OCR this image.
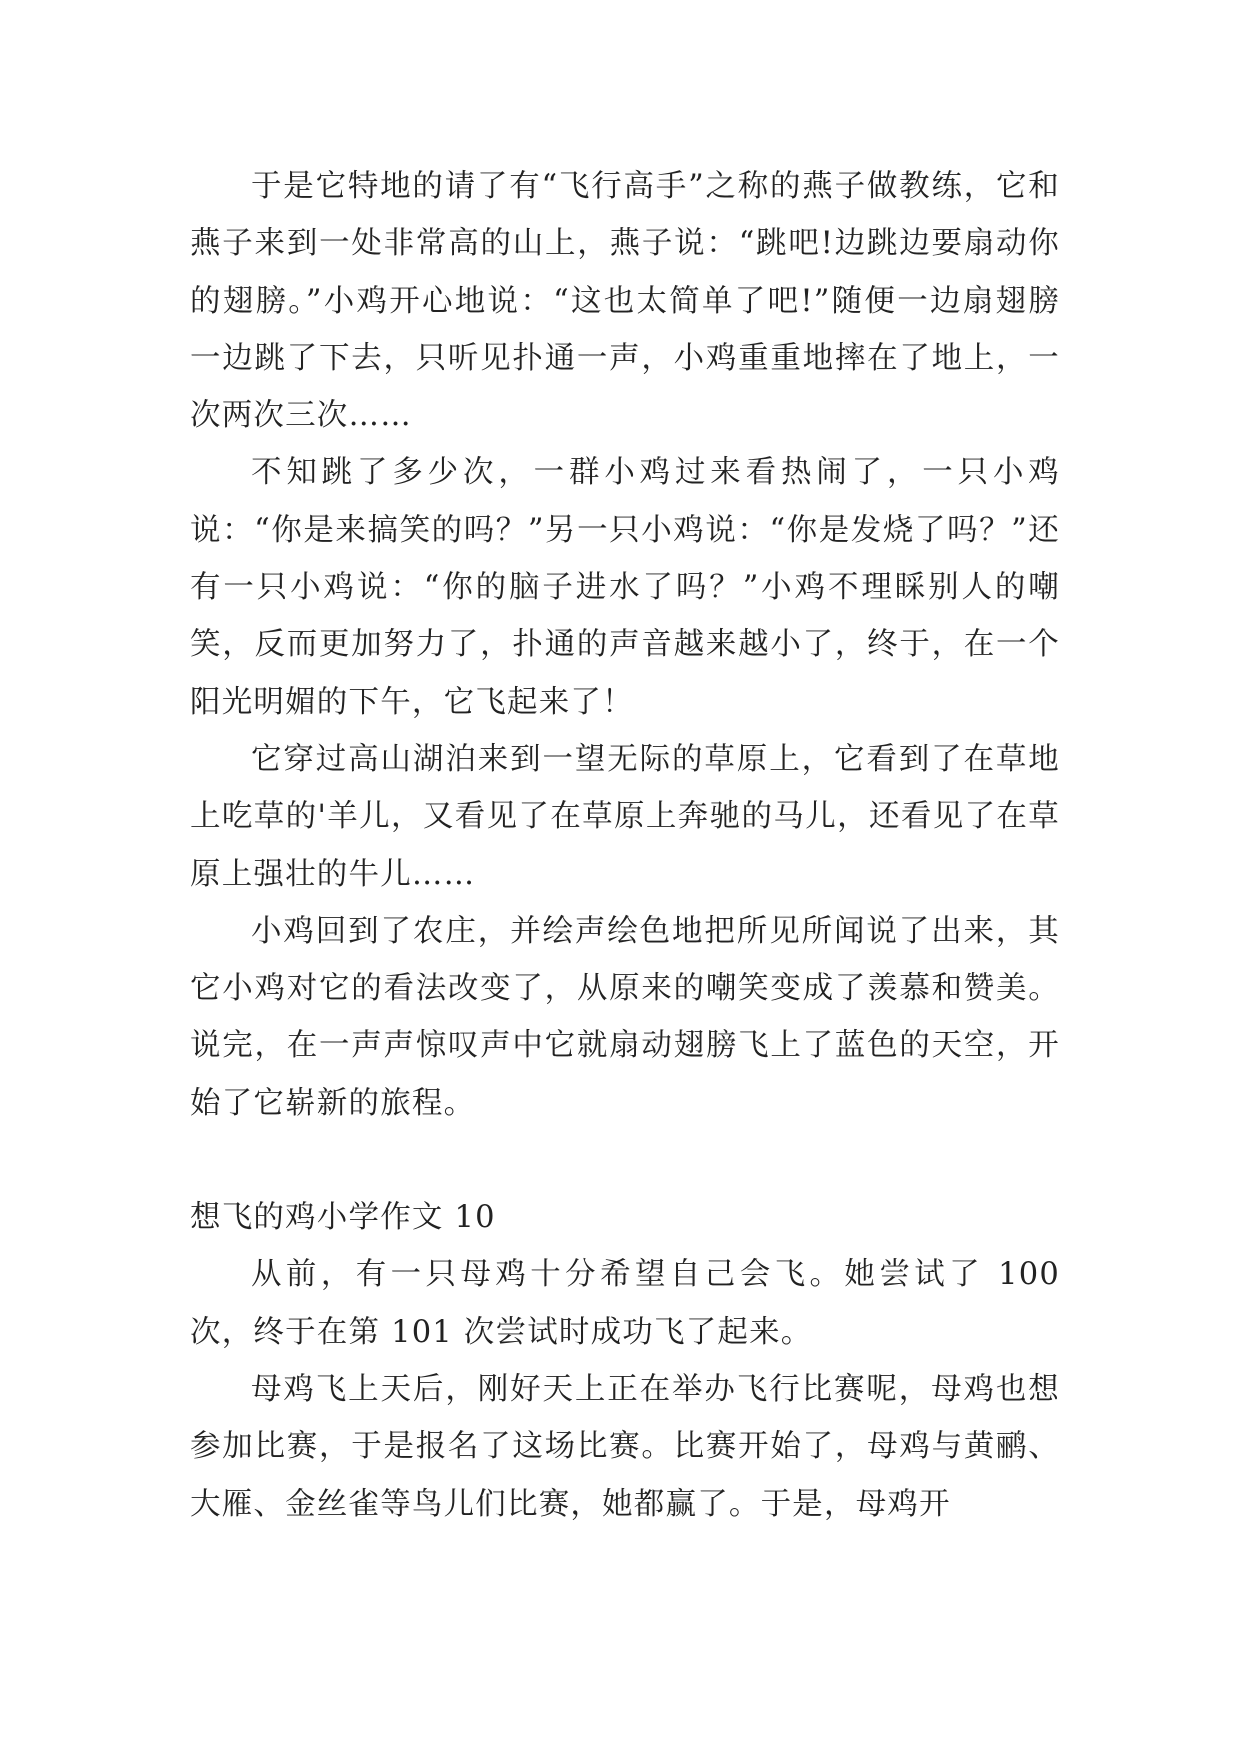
于是它特地的请了有“飞行高手”之称的燕子做教练，它和燕子来到一处非常高的山上，燕子说：“跳吧!边跳边要扇动你的翅膀。”小鸡开心地说：“这也太简单了吧!”随便一边扇翅膀一边跳了下去，只听见扑通一声，小鸡重重地摔在了地上，一次两次三次……

不知跳了多少次，一群小鸡过来看热闹了，一只小鸡说：“你是来搞笑的吗？”另一只小鸡说：“你是发烧了吗？”还有一只小鸡说：“你的脑子进水了吗？”小鸡不理睬别人的嘲笑，反而更加努力了，扑通的声音越来越小了，终于，在一个阳光明媚的下午，它飞起来了！

它穿过高山湖泊来到一望无际的草原上，它看到了在草地上吃草的'羊儿，又看见了在草原上奔驰的马儿，还看见了在草原上强壮的牛儿……

小鸡回到了农庄，并绘声绘色地把所见所闻说了出来，其它小鸡对它的看法改变了，从原来的嘲笑变成了羡慕和赞美。说完，在一声声惊叹声中它就扇动翅膀飞上了蓝色的天空，开始了它崭新的旅程。

想飞的鸡小学作文 10

从前，有一只母鸡十分希望自己会飞。她尝试了 100 次，终于在第 101 次尝试时成功飞了起来。

母鸡飞上天后，刚好天上正在举办飞行比赛呢，母鸡也想参加比赛，于是报名了这场比赛。比赛开始了，母鸡与黄鹂、大雁、金丝雀等鸟儿们比赛，她都赢了。于是，母鸡开
